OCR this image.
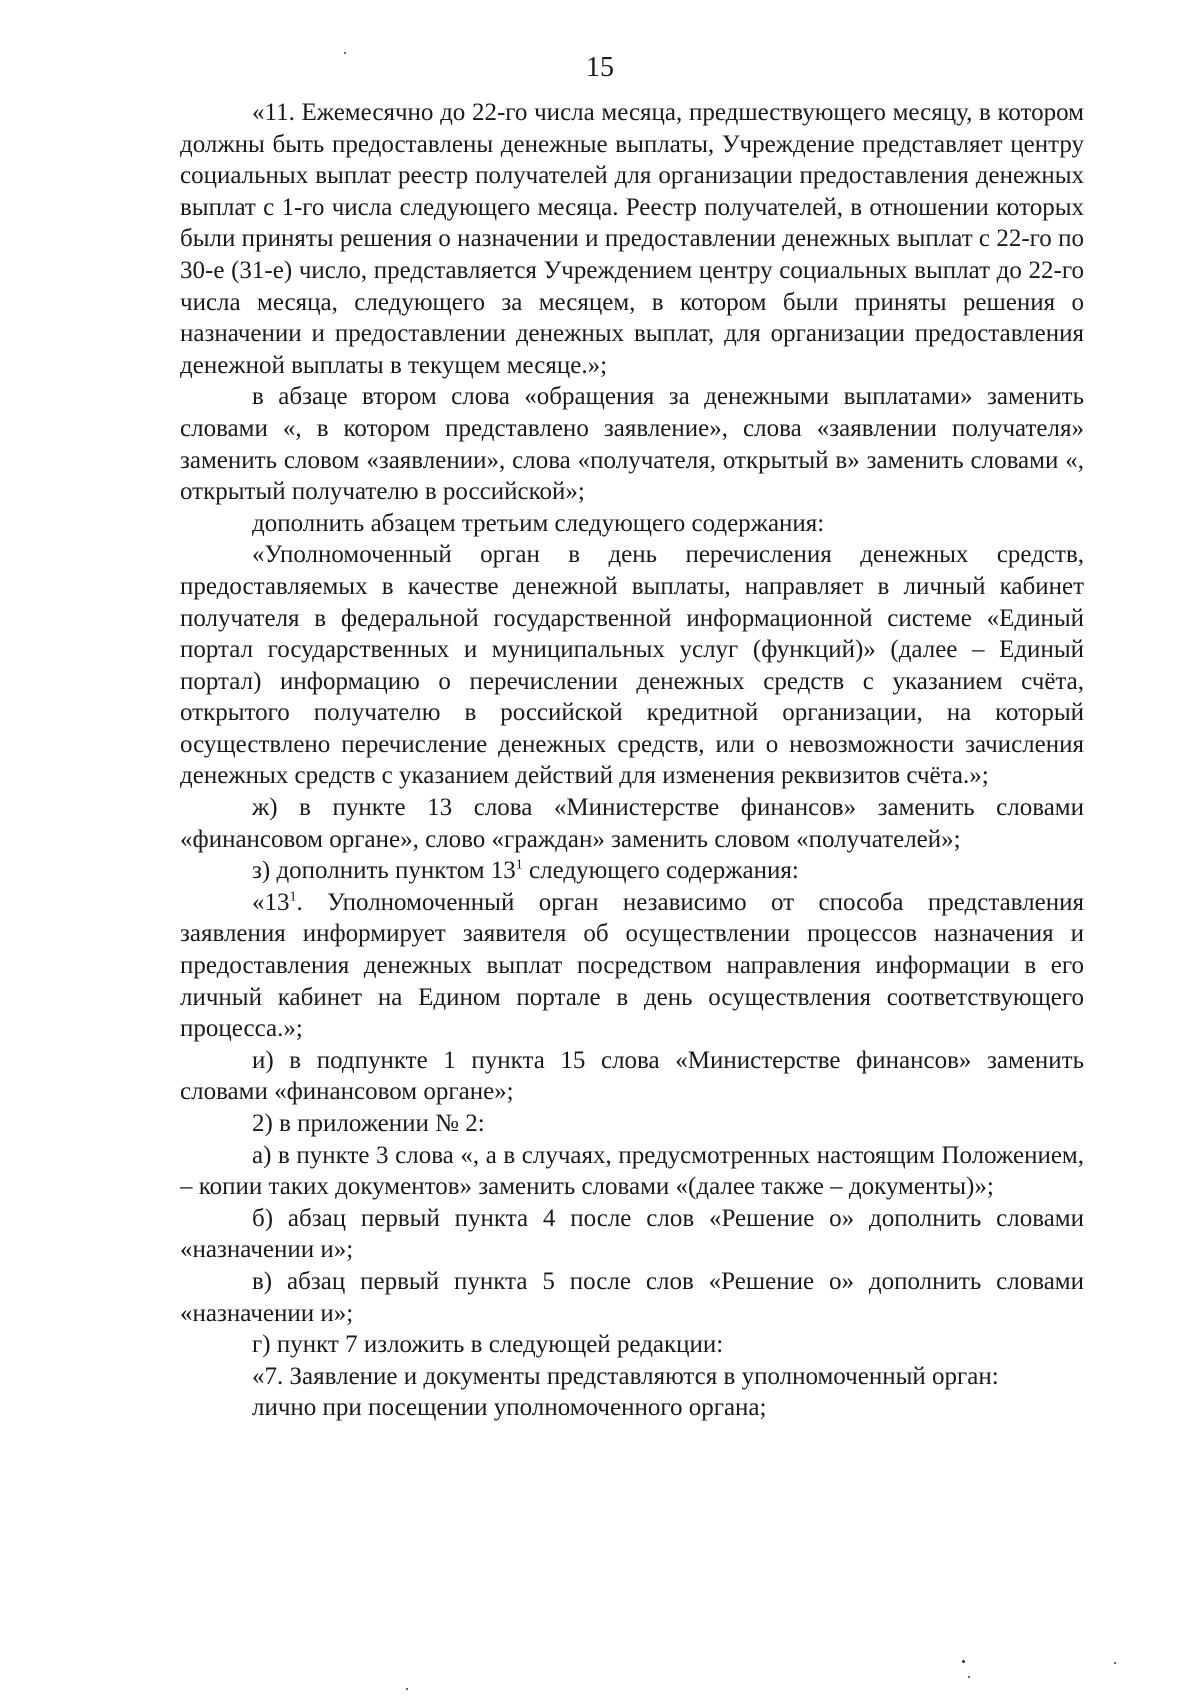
15

«11. Ежемесячно до 22-го числа месяца, предшествующего месяцу, в котором должны быть предоставлены денежные выплаты, Учреждение представляет центру социальных выплат реестр получателей для организации предоставления денежных выплат с 1-го числа следующего месяца. Реестр получателей, в отношении которых были приняты решения о назначении и предоставлении денежных выплат с 22-го по 30-е (31-е) число, представляется Учреждением центру социальных выплат до 22-го числа месяца, следующего за месяцем, в котором были приняты решения о назначении и предоставлении денежных выплат, для организации предоставления денежной выплаты в текущем месяце.»;

в абзаце втором слова «обращения за денежными выплатами» заменить словами «, в котором представлено заявление», слова «заявлении получателя» заменить словом «заявлении», слова «получателя, открытый в» заменить словами «, открытый получателю в российской»;

дополнить абзацем третьим следующего содержания:

«Уполномоченный орган в день перечисления денежных средств, предоставляемых в качестве денежной выплаты, направляет в личный кабинет получателя в федеральной государственной информационной системе «Единый портал государственных и муниципальных услуг (функций)» (далее – Единый портал) информацию о перечислении денежных средств с указанием счёта, открытого получателю в российской кредитной организации, на который осуществлено перечисление денежных средств, или о невозможности зачисления денежных средств с указанием действий для изменения реквизитов счёта.»;

ж) в пункте 13 слова «Министерстве финансов» заменить словами «финансовом органе», слово «граждан» заменить словом «получателей»;

з) дополнить пунктом $13^1$ следующего содержания:

«$13^1$. Уполномоченный орган независимо от способа представления заявления информирует заявителя об осуществлении процессов назначения и предоставления денежных выплат посредством направления информации в его личный кабинет на Едином портале в день осуществления соответствующего процесса.»;

и) в подпункте 1 пункта 15 слова «Министерстве финансов» заменить словами «финансовом органе»;

2) в приложении № 2:

а) в пункте 3 слова «, а в случаях, предусмотренных настоящим Положением, – копии таких документов» заменить словами «(далее также – документы)»;

б) абзац первый пункта 4 после слов «Решение о» дополнить словами «назначении и»;

в) абзац первый пункта 5 после слов «Решение о» дополнить словами «назначении и»;

г) пункт 7 изложить в следующей редакции:

«7. Заявление и документы представляются в уполномоченный орган:

лично при посещении уполномоченного органа;
